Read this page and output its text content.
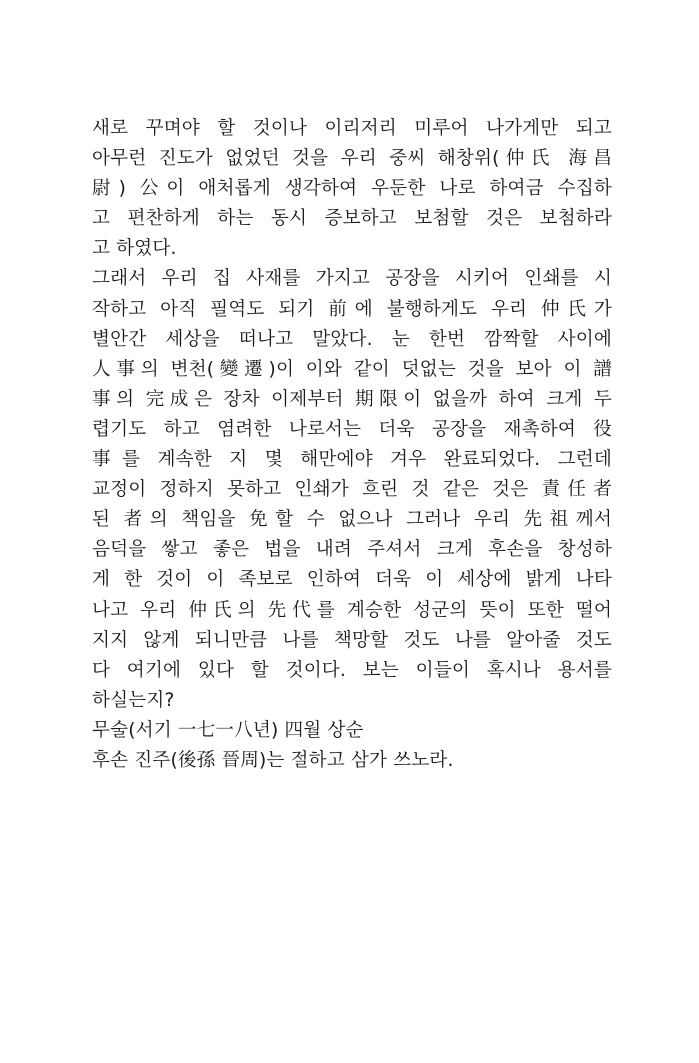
새로 꾸며야 할 것이나 이리저리 미루어 나가게만 되고
아무런 진도가 없었던 것을 우리 중씨 해창위(仲氏 海昌
尉) 公이 애처롭게 생각하여 우둔한 나로 하여금 수집하
고 편찬하게 하는 동시 증보하고 보첨할 것은 보첨하라
고 하였다.
그래서 우리 집 사재를 가지고 공장을 시키어 인쇄를 시
작하고 아직 필역도 되기 前에 불행하게도 우리 仲氏가
별안간 세상을 떠나고 말았다. 눈 한번 깜짝할 사이에
人事의 변천(變遷)이 이와 같이 덧없는 것을 보아 이 譜
事의 完成은 장차 이제부터 期限이 없을까 하여 크게 두
렵기도 하고 염려한 나로서는 더욱 공장을 재촉하여 役
事를 계속한 지 몇 해만에야 겨우 완료되었다. 그런데
교정이 정하지 못하고 인쇄가 흐린 것 같은 것은 責任者
된 者의 책임을 免할 수 없으나 그러나 우리 先祖께서
음덕을 쌓고 좋은 법을 내려 주셔서 크게 후손을 창성하
게 한 것이 이 족보로 인하여 더욱 이 세상에 밝게 나타
나고 우리 仲氏의 先代를 계승한 성군의 뜻이 또한 떨어
지지 않게 되니만큼 나를 책망할 것도 나를 알아줄 것도
다 여기에 있다 할 것이다. 보는 이들이 혹시나 용서를
하실는지?
무술(서기 一七一八년) 四월 상순
후손 진주(後孫 晉周)는 절하고 삼가 쓰노라.
